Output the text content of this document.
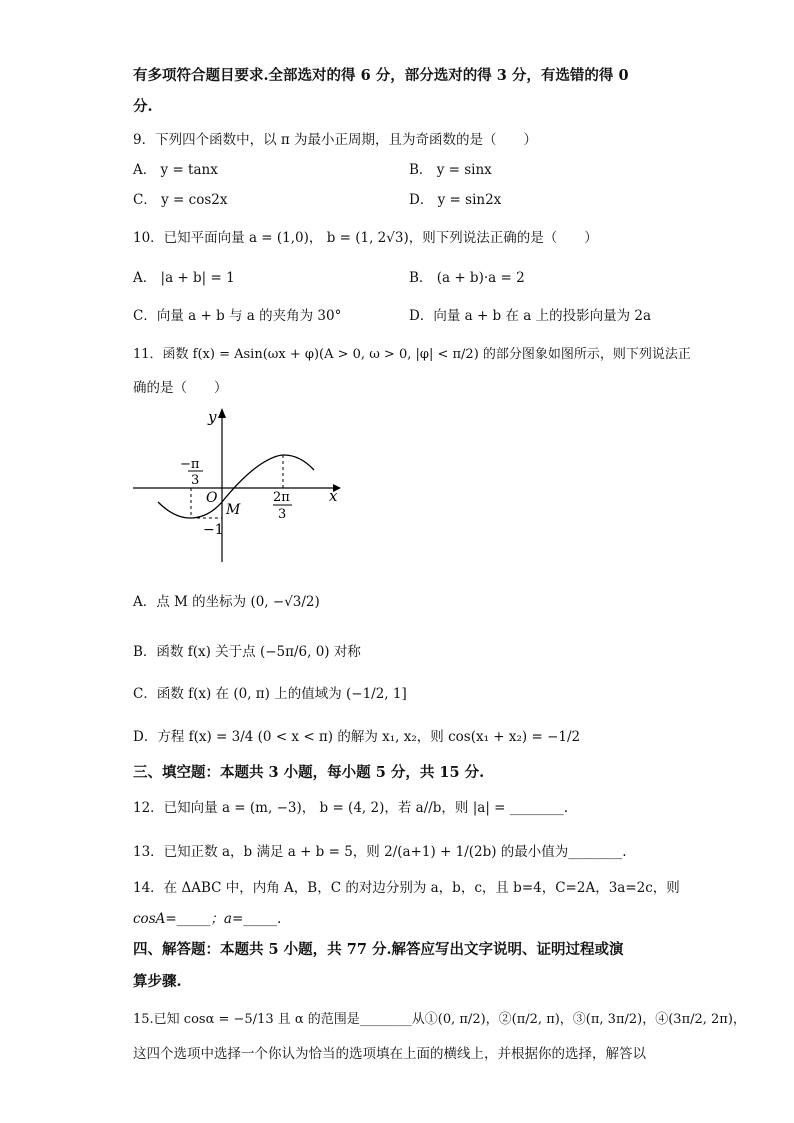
有多项符合题目要求.全部选对的得 6 分，部分选对的得 3 分，有选错的得 0
分.
9．下列四个函数中，以 π 为最小正周期，且为奇函数的是（　　）
A． y = tanx	B． y = sinx
C． y = cos2x	D． y = sin2x
10．已知平面向量 a = (1,0)， b = (1, 2√3)，则下列说法正确的是（　　）
A． |a + b| = 1	B． (a + b)·a = 2
C．向量 a + b 与 a 的夹角为 30°	D．向量 a + b 在 a 上的投影向量为 2a
11．函数 f(x) = Asin(ωx + φ)(A > 0, ω > 0, |φ| < π/2) 的部分图象如图所示，则下列说法正
确的是（　　）
y
x
O
M
−1
−π
3
2π
3
A．点 M 的坐标为 (0, −√3/2)
B．函数 f(x) 关于点 (−5π/6, 0) 对称
C．函数 f(x) 在 (0, π) 上的值域为 (−1/2, 1]
D．方程 f(x) = 3/4 (0 < x < π) 的解为 x₁, x₂，则 cos(x₁ + x₂) = −1/2
三、填空题：本题共 3 小题，每小题 5 分，共 15 分.
12．已知向量 a = (m, −3)， b = (4, 2)，若 a//b，则 |a| = ________.
13．已知正数 a，b 满足 a + b = 5，则 2/(a+1) + 1/(2b) 的最小值为________.
14．在 ΔABC 中，内角 A，B，C 的对边分别为 a，b，c，且 b=4，C=2A，3a=2c，则
cosA=_____；a=_____.
四、解答题：本题共 5 小题，共 77 分.解答应写出文字说明、证明过程或演
算步骤.
15.已知 cosα = −5/13 且 α 的范围是________从①(0, π/2)，②(π/2, π)，③(π, 3π/2)，④(3π/2, 2π)，
这四个选项中选择一个你认为恰当的选项填在上面的横线上，并根据你的选择，解答以
